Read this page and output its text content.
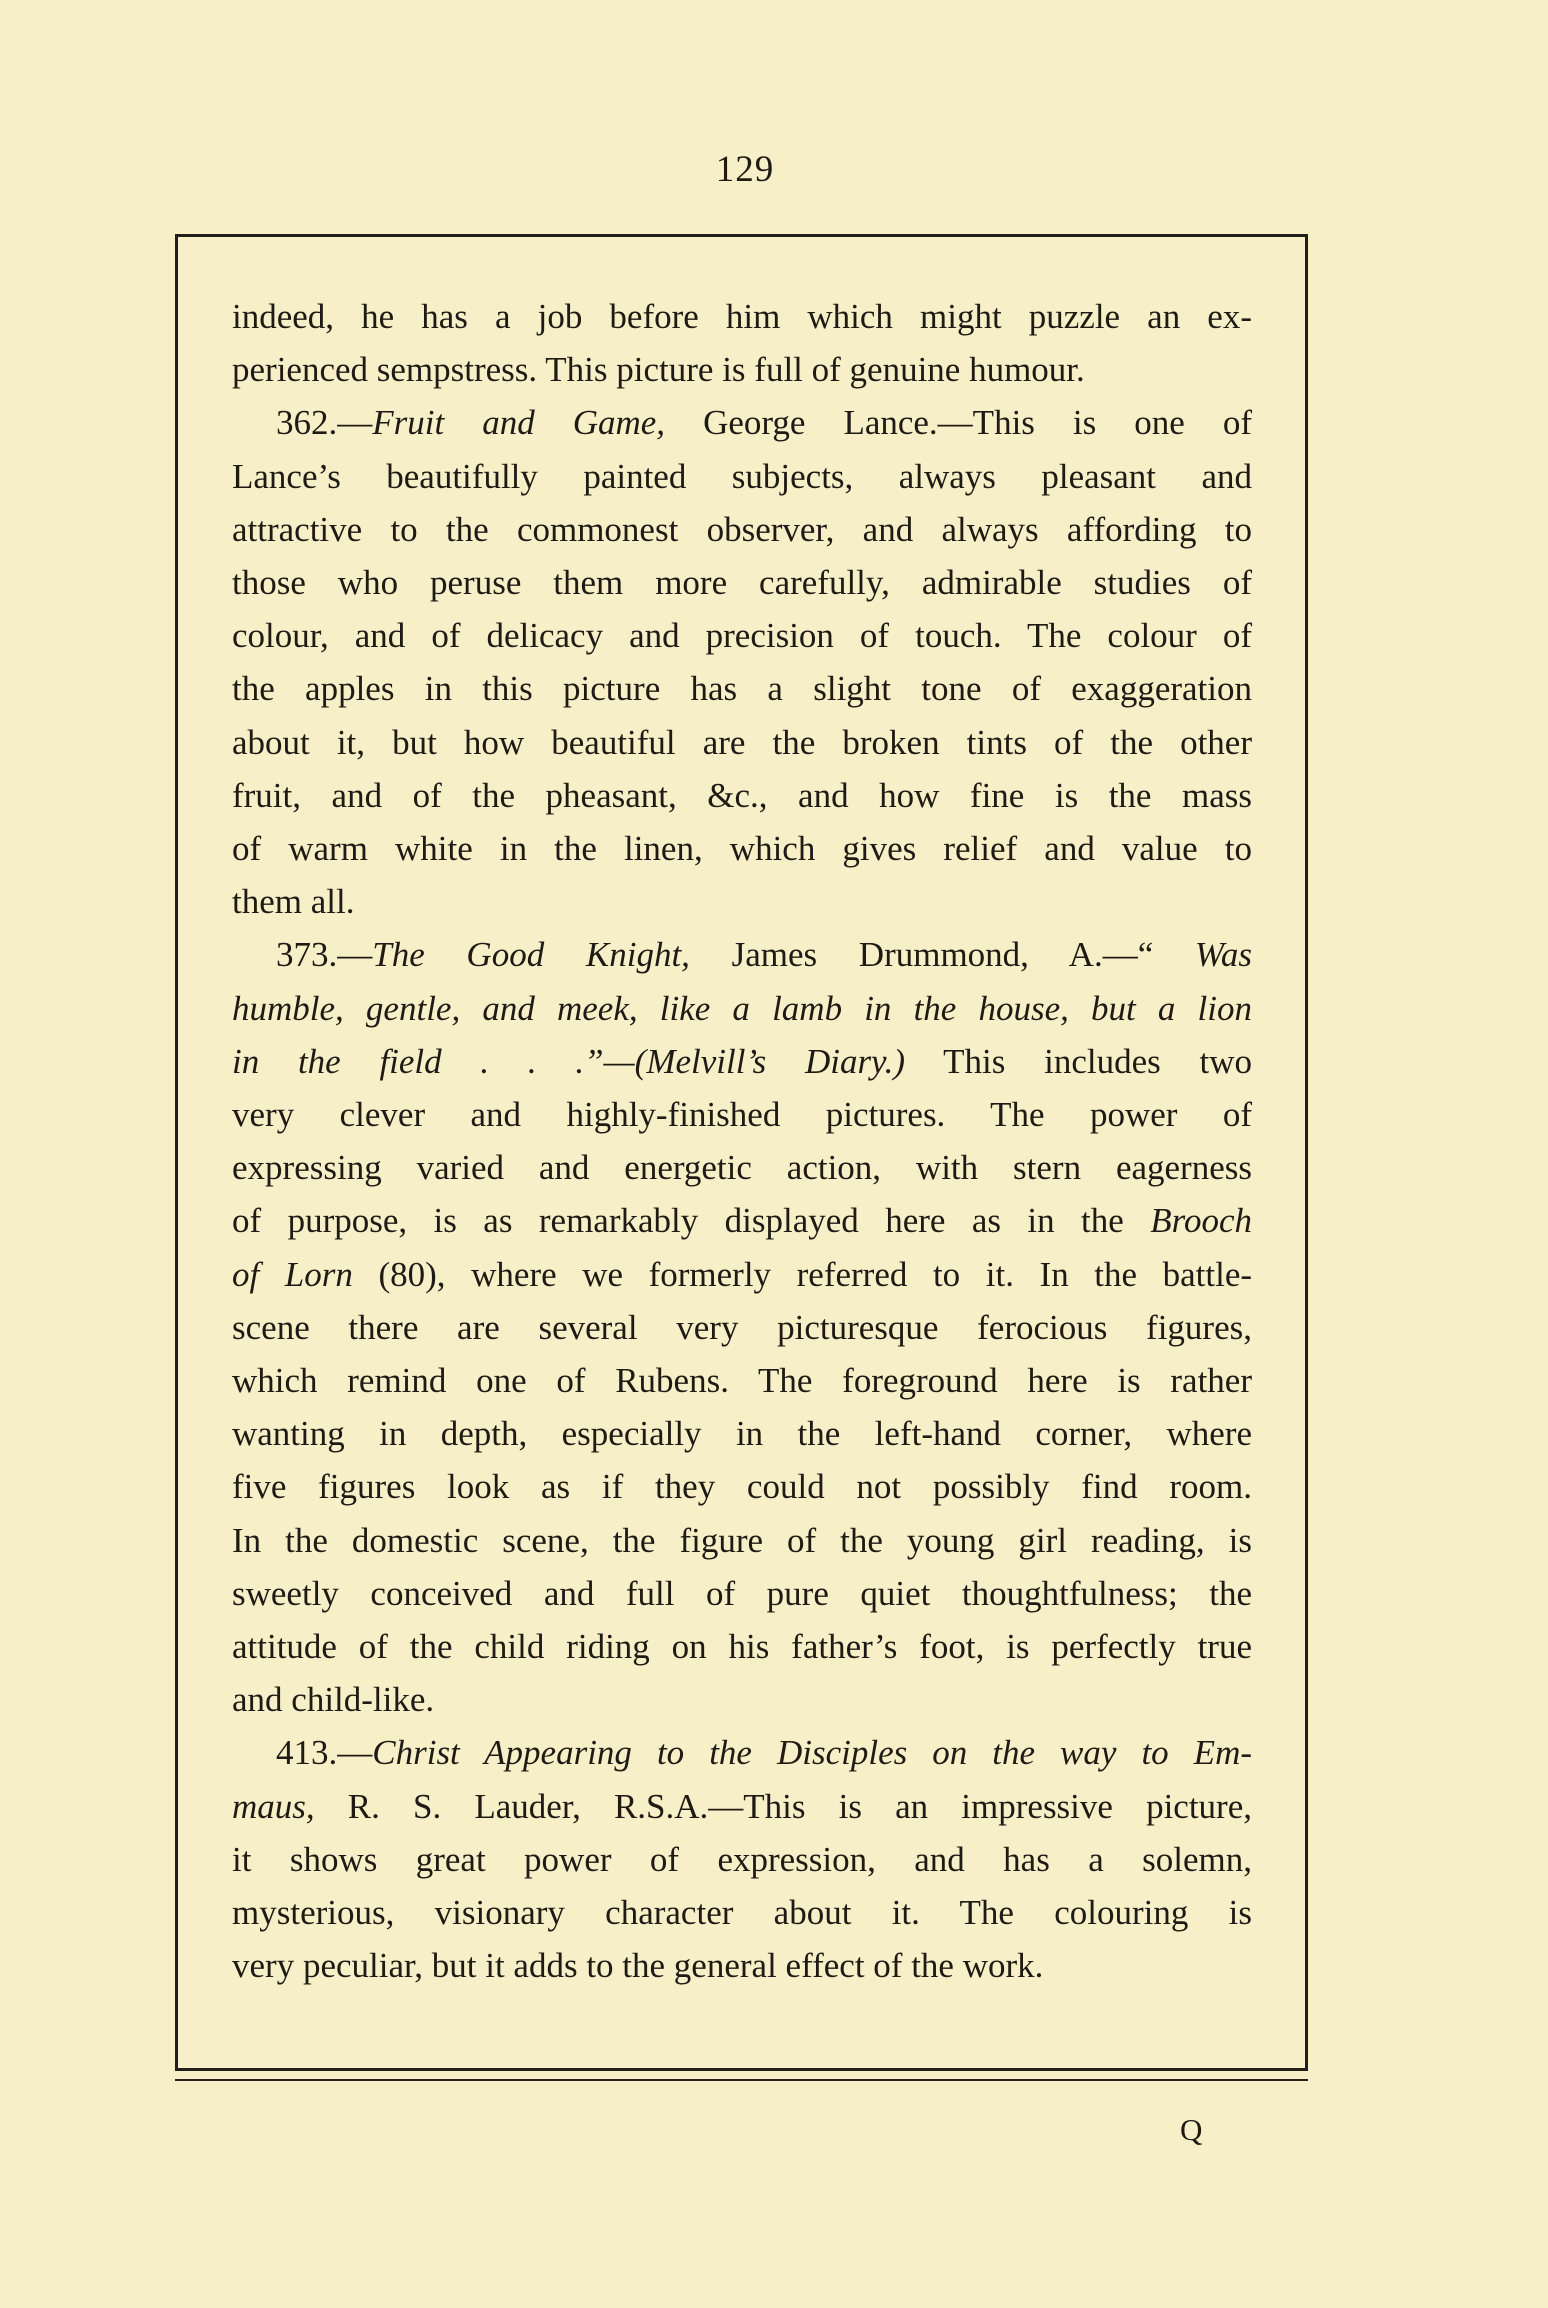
129
indeed, he has a job before him which might puzzle an ex-
perienced sempstress. This picture is full of genuine humour.
362.—Fruit and Game, George Lance.—This is one of
Lance’s beautifully painted subjects, always pleasant and
attractive to the commonest observer, and always affording to
those who peruse them more carefully, admirable studies of
colour, and of delicacy and precision of touch. The colour of
the apples in this picture has a slight tone of exaggeration
about it, but how beautiful are the broken tints of the other
fruit, and of the pheasant, &c., and how fine is the mass
of warm white in the linen, which gives relief and value to
them all.
373.—The Good Knight, James Drummond, A.—“ Was
humble, gentle, and meek, like a lamb in the house, but a lion
in the field . . .”—(Melvill’s Diary.) This includes two
very clever and highly-finished pictures. The power of
expressing varied and energetic action, with stern eagerness
of purpose, is as remarkably displayed here as in the Brooch
of Lorn (80), where we formerly referred to it. In the battle-
scene there are several very picturesque ferocious figures,
which remind one of Rubens. The foreground here is rather
wanting in depth, especially in the left-hand corner, where
five figures look as if they could not possibly find room.
In the domestic scene, the figure of the young girl reading, is
sweetly conceived and full of pure quiet thoughtfulness; the
attitude of the child riding on his father’s foot, is perfectly true
and child-like.
413.—Christ Appearing to the Disciples on the way to Em-
maus, R. S. Lauder, R.S.A.—This is an impressive picture,
it shows great power of expression, and has a solemn,
mysterious, visionary character about it. The colouring is
very peculiar, but it adds to the general effect of the work.
Q
